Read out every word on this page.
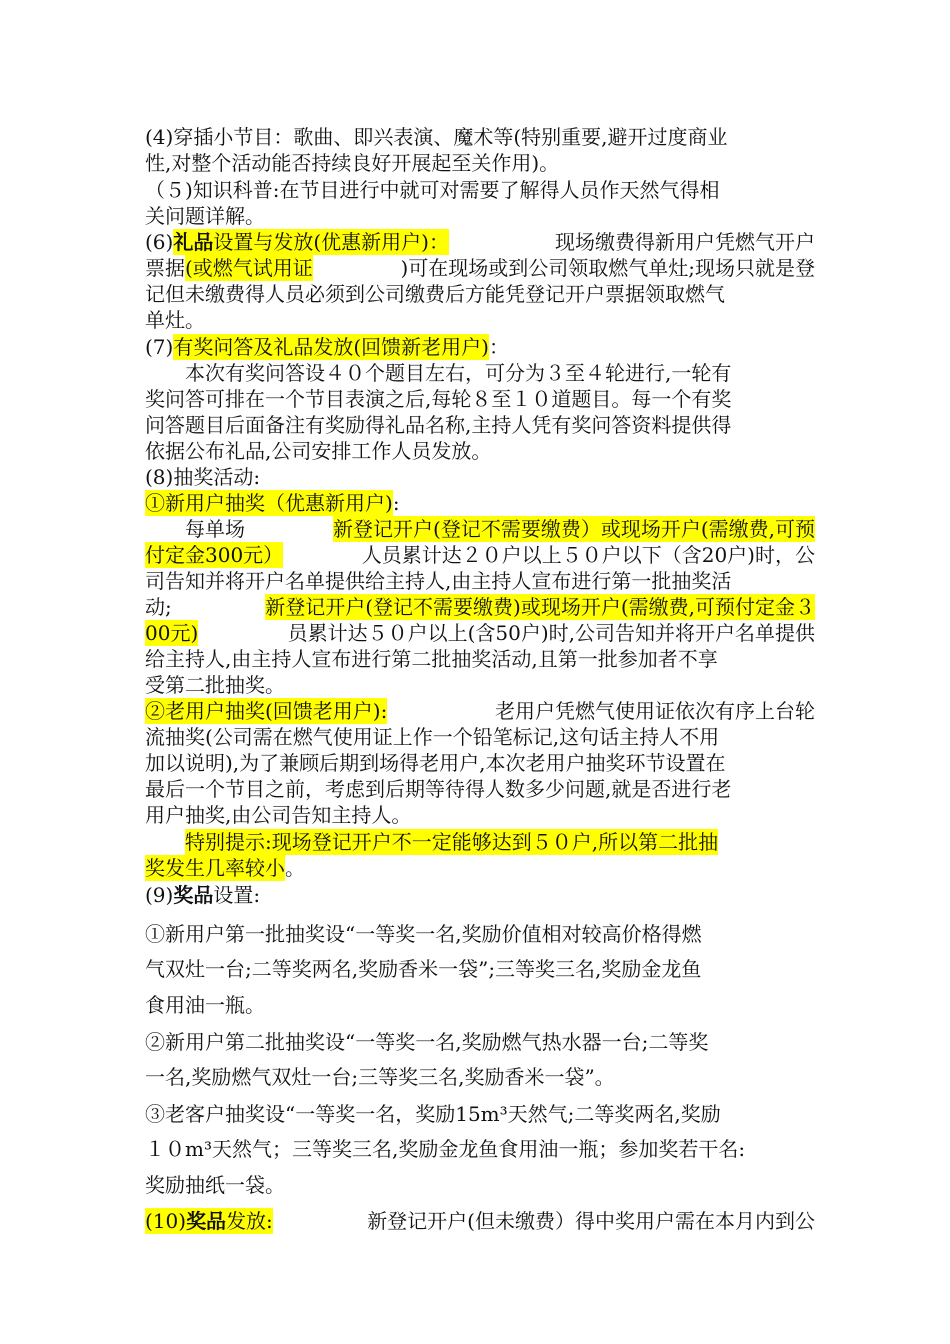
(4)穿插小节目：歌曲、即兴表演、魔术等(特别重要,避开过度商业
性,对整个活动能否持续良好开展起至关作用)。
（５)知识科普:在节目进行中就可对需要了解得人员作天然气得相
关问题详解。
(6) 礼品 设置与发放(优惠新用户)：	现场缴费得新用户凭燃气开户
票据 (或燃气试用证	)可在现场或到公司领取燃气单灶;现场只就是登
记但未缴费得人员必须到公司缴费后方能凭登记开户票据领取燃气
单灶。
(7) 有奖问答及礼品发放(回馈新老用户) ：
本次有奖问答设４０个题目左右，可分为３至４轮进行,一轮有
奖问答可排在一个节目表演之后,每轮８至１０道题目。每一个有奖
问答题目后面备注有奖励得礼品名称,主持人凭有奖问答资料提供得
依据公布礼品,公司安排工作人员发放。
(8)抽奖活动:
①新用户抽奖（优惠新用户) :
每单场	新登记开户(登记不需要缴费）或现场开户(需缴费,可预
付定金300元）	人员累计达２０户以上５０户以下（含20户)时，公
司告知并将开户名单提供给主持人,由主持人宣布进行第一批抽奖活
动;	新登记开户(登记不需要缴费)或现场开户(需缴费,可预付定金３
00元)	员累计达５０户以上(含50户)时,公司告知并将开户名单提供
给主持人,由主持人宣布进行第二批抽奖活动,且第一批参加者不享
受第二批抽奖。
②老用户抽奖(回馈老用户):	老用户凭燃气使用证依次有序上台轮
流抽奖(公司需在燃气使用证上作一个铅笔标记,这句话主持人不用
加以说明),为了兼顾后期到场得老用户,本次老用户抽奖环节设置在
最后一个节目之前，考虑到后期等待得人数多少问题,就是否进行老
用户抽奖,由公司告知主持人。
特别提示:现场登记开户不一定能够达到５０户,所以第二批抽
奖发生几率较小 。
(9) 奖品 设置:
①新用户第一批抽奖设“一等奖一名,奖励价值相对较高价格得燃
气双灶一台;二等奖两名,奖励香米一袋”;三等奖三名,奖励金龙鱼
食用油一瓶。
②新用户第二批抽奖设“一等奖一名,奖励燃气热水器一台;二等奖
一名,奖励燃气双灶一台;三等奖三名,奖励香米一袋”。
③老客户抽奖设“一等奖一名，奖励15m³天然气;二等奖两名,奖励
１０m³天然气；三等奖三名,奖励金龙鱼食用油一瓶；参加奖若干名:
奖励抽纸一袋。
(10) 奖品 发放:	新登记开户(但未缴费）得中奖用户需在本月内到公
